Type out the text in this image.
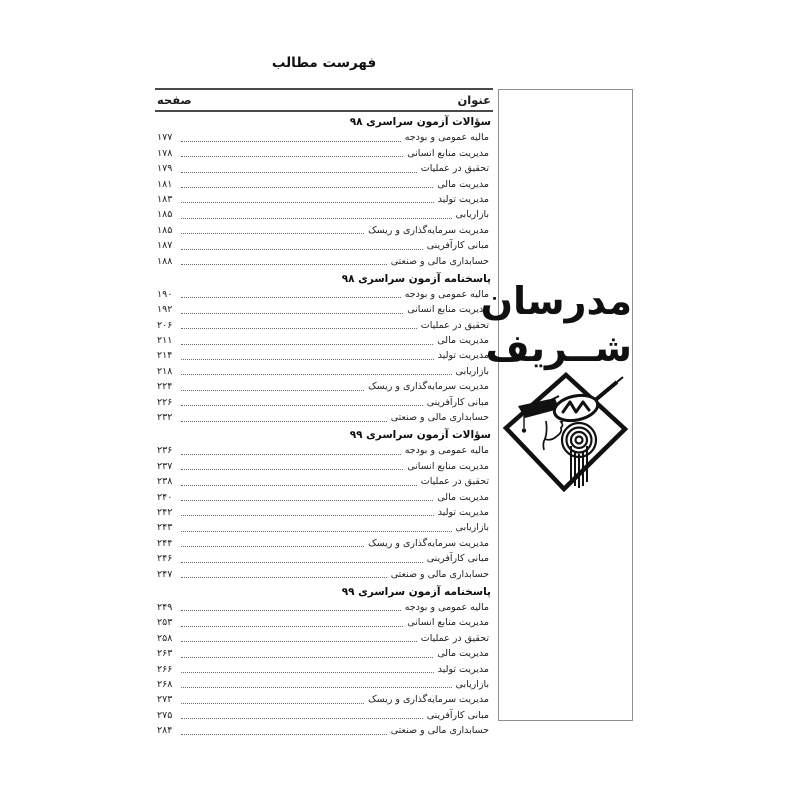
فهرست مطالب
عنوان
صفحه
سؤالات آزمون سراسری ۹۸
مالیه عمومی و بودجه
۱۷۷
مدیریت منابع انسانی
۱۷۸
تحقیق در عملیات
۱۷۹
مدیریت مالی
۱۸۱
مدیریت تولید
۱۸۳
بازاریابی
۱۸۵
مدیریت سرمایه‌گذاری و ریسک
۱۸۵
مبانی کارآفرینی
۱۸۷
حسابداری مالی و صنعتی
۱۸۸
پاسخنامه آزمون سراسری ۹۸
مالیه عمومی و بودجه
۱۹۰
مدیریت منابع انسانی
۱۹۲
تحقیق در عملیات
۲۰۶
مدیریت مالی
۲۱۱
مدیریت تولید
۲۱۴
بازاریابی
۲۱۸
مدیریت سرمایه‌گذاری و ریسک
۲۲۴
مبانی کارآفرینی
۲۲۶
حسابداری مالی و صنعتی
۲۳۲
سؤالات آزمون سراسری ۹۹
مالیه عمومی و بودجه
۲۳۶
مدیریت منابع انسانی
۲۳۷
تحقیق در عملیات
۲۳۸
مدیریت مالی
۲۴۰
مدیریت تولید
۲۴۲
بازاریابی
۲۴۳
مدیریت سرمایه‌گذاری و ریسک
۲۴۴
مبانی کارآفرینی
۲۴۶
حسابداری مالی و صنعتی
۲۴۷
پاسخنامه آزمون سراسری ۹۹
مالیه عمومی و بودجه
۲۴۹
مدیریت منابع انسانی
۲۵۳
تحقیق در عملیات
۲۵۸
مدیریت مالی
۲۶۳
مدیریت تولید
۲۶۶
بازاریابی
۲۶۸
مدیریت سرمایه‌گذاری و ریسک
۲۷۳
مبانی کارآفرینی
۲۷۵
حسابداری مالی و صنعتی
۲۸۴
مدرسان
شــریف
